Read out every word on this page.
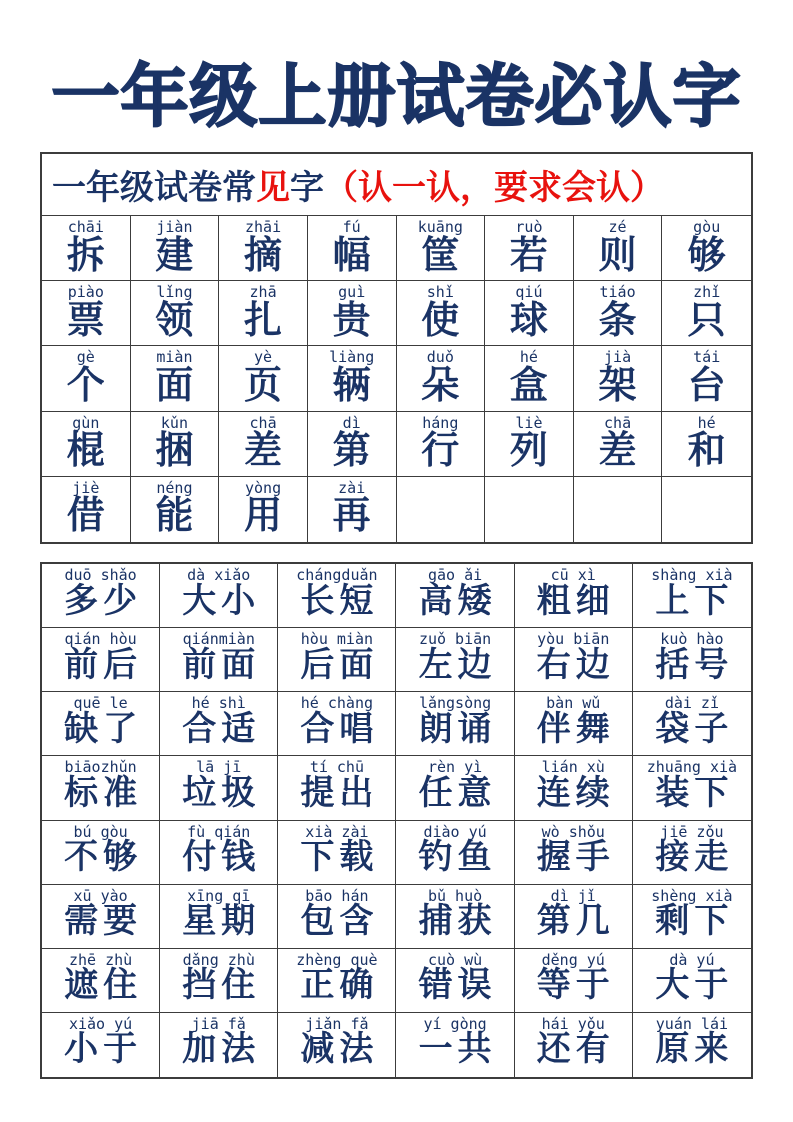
一年级上册试卷必认字
一年级试卷常 见 字 （认一认，要求会认）
chāi
拆
jiàn
建
zhāi
摘
fú
幅
kuāng
筐
ruò
若
zé
则
gòu
够
piào
票
lǐng
领
zhā
扎
guì
贵
shǐ
使
qiú
球
tiáo
条
zhǐ
只
gè
个
miàn
面
yè
页
liàng
辆
duǒ
朵
hé
盒
jià
架
tái
台
gùn
棍
kǔn
捆
chā
差
dì
第
háng
行
liè
列
chā
差
hé
和
jiè
借
néng
能
yòng
用
zài
再

duō shǎo
多少
dà xiǎo
大小
chángduǎn
长短
gāo ǎi
高矮
cū xì
粗细
shàng xià
上下
qián hòu
前后
qiánmiàn
前面
hòu miàn
后面
zuǒ biān
左边
yòu biān
右边
kuò hào
括号
quē le
缺了
hé shì
合适
hé chàng
合唱
lǎngsòng
朗诵
bàn wǔ
伴舞
dài zǐ
袋子
biāozhǔn
标准
lā jī
垃圾
tí chū
提出
rèn yì
任意
lián xù
连续
zhuāng xià
装下
bú gòu
不够
fù qián
付钱
xià zài
下载
diào yú
钓鱼
wò shǒu
握手
jiē zǒu
接走
xū yào
需要
xīng qī
星期
bāo hán
包含
bǔ huò
捕获
dì jǐ
第几
shèng xià
剩下
zhē zhù
遮住
dǎng zhù
挡住
zhèng què
正确
cuò wù
错误
děng yú
等于
dà yú
大于
xiǎo yú
小于
jiā fǎ
加法
jiǎn fǎ
减法
yí gòng
一共
hái yǒu
还有
yuán lái
原来
